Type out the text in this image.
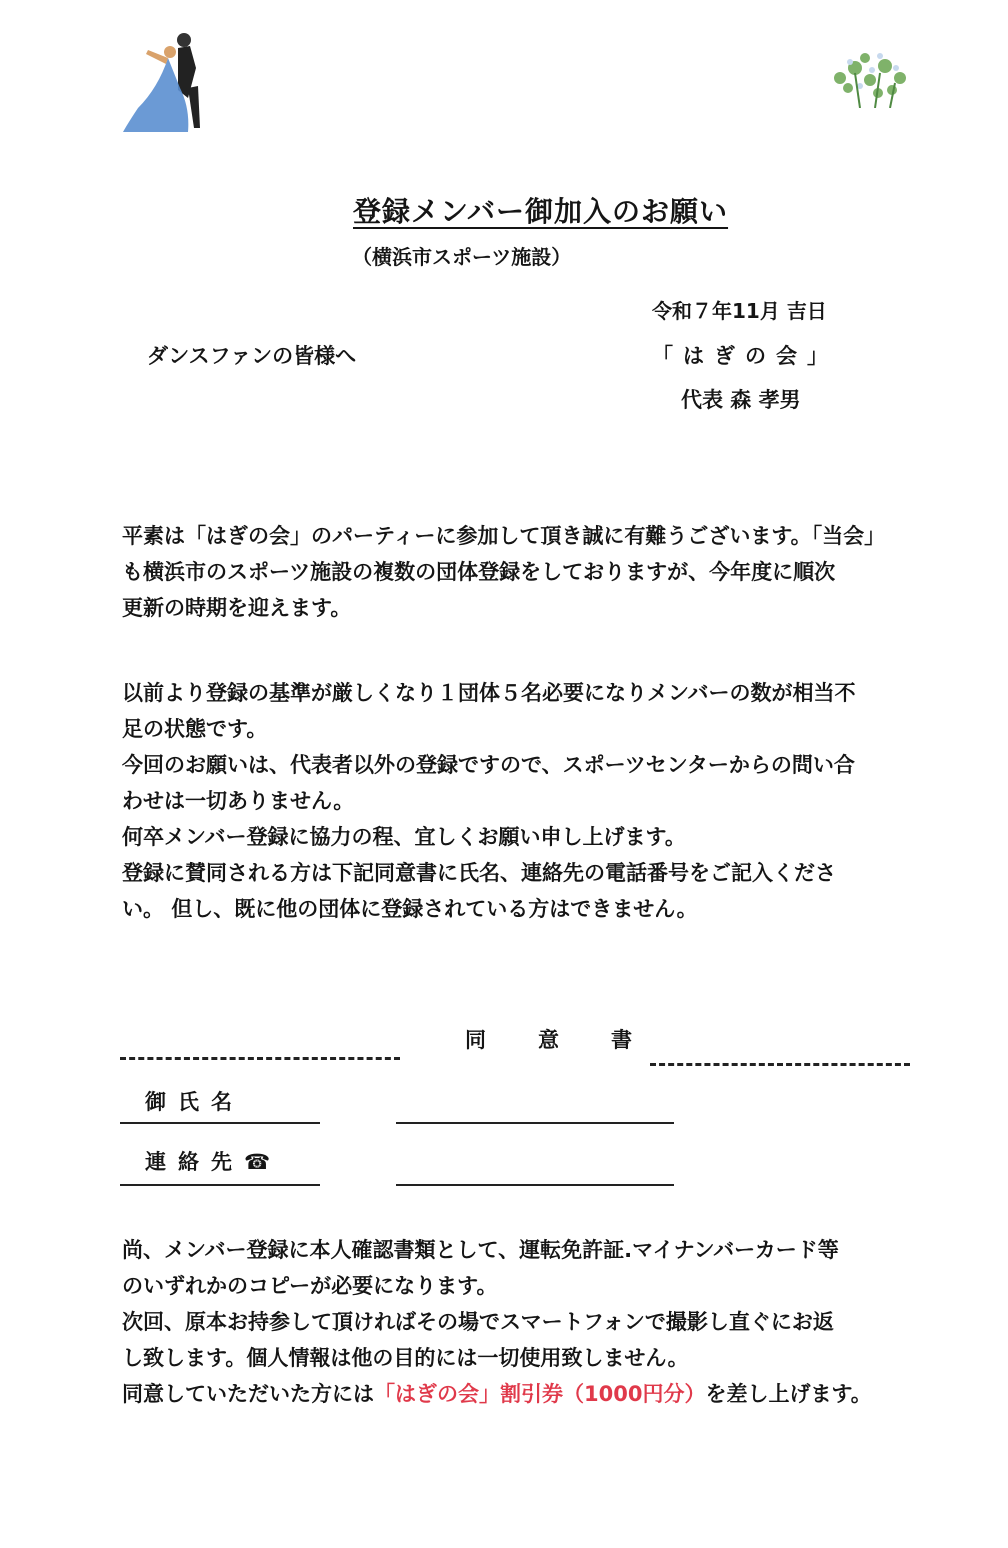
登録メンバー御加入のお願い
（横浜市スポーツ施設）
令和７年11月 吉日
ダンスファンの皆様へ	「はぎの会」
代表 森 孝男
平素は「はぎの会」のパーティーに参加して頂き誠に有難うございます。「当会」
も横浜市のスポーツ施設の複数の団体登録をしておりますが、今年度に順次
更新の時期を迎えます。
以前より登録の基準が厳しくなり１団体５名必要になりメンバーの数が相当不
足の状態です。
今回のお願いは、代表者以外の登録ですので、スポーツセンターからの問い合
わせは一切ありません。
何卒メンバー登録に協力の程、宜しくお願い申し上げます。
登録に賛同される方は下記同意書に氏名、連絡先の電話番号をご記入くださ
い。 但し、既に他の団体に登録されている方はできません。
同意書
御氏名
連絡先☎
尚、メンバー登録に本人確認書類として、運転免許証.マイナンバーカード等
のいずれかのコピーが必要になります。
次回、原本お持参して頂ければその場でスマートフォンで撮影し直ぐにお返
し致します。個人情報は他の目的には一切使用致しません。
同意していただいた方には「はぎの会」割引券（1000円分）を差し上げます。
